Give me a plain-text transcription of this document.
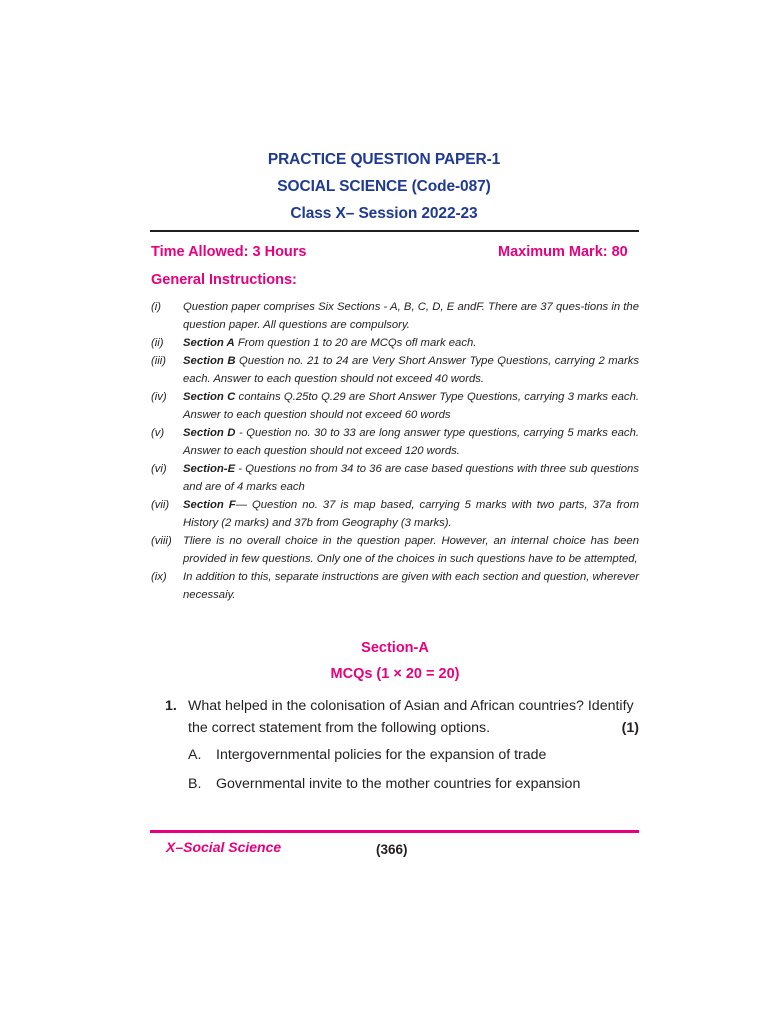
PRACTICE QUESTION PAPER-1
SOCIAL SCIENCE (Code-087)
Class X– Session 2022-23
Time Allowed: 3 Hours	Maximum Mark: 80
General Instructions:
(i)	Question paper comprises Six Sections - A, B, C, D, E andF. There are 37 ques-tions in the question paper. All questions are compulsory.
(ii)	Section A From question 1 to 20 are MCQs ofl mark each.
(iii)	Section B Question no. 21 to 24 are Very Short Answer Type Questions, carrying 2 marks each. Answer to each question should not exceed 40 words.
(iv)	Section C contains Q.25to Q.29 are Short Answer Type Questions, carrying 3 marks each. Answer to each question should not exceed 60 words
(v)	Section D - Question no. 30 to 33 are long answer type questions, carrying 5 marks each. Answer to each question should not exceed 120 words.
(vi)	Section-E - Questions no from 34 to 36 are case based questions with three sub questions and are of 4 marks each
(vii)	Section F— Question no. 37 is map based, carrying 5 marks with two parts, 37a from History (2 marks) and 37b from Geography (3 marks).
(viii) Tliere is no overall choice in the question paper. However, an internal choice has been provided in few questions. Only one of the choices in such questions have to be attempted,
(ix)	In addition to this, separate instructions are given with each section and question, wherever necessaiy.
Section-A
MCQs (1 × 20 = 20)
1. What helped in the colonisation of Asian and African countries? Identify the correct statement from the following options.	(1)
A. Intergovernmental policies for the expansion of trade
B. Governmental invite to the mother countries for expansion
X–Social Science	(366)
